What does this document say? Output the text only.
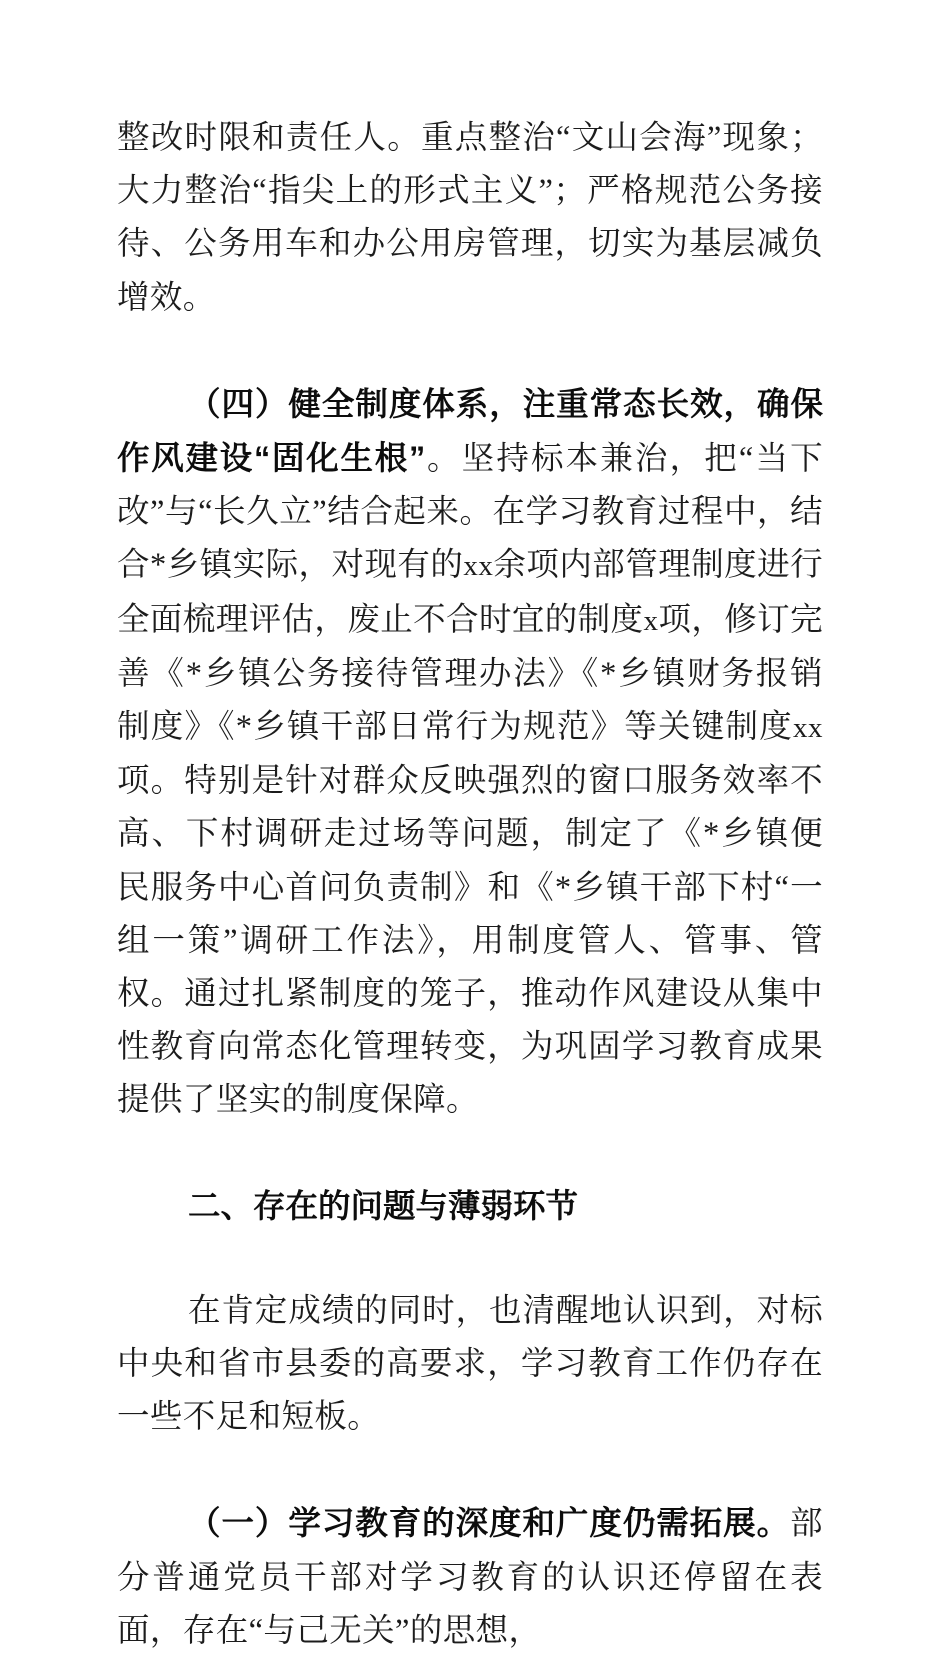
整改时限和责任人。重点整治“文山会海”现象；大力整治“指尖上的形式主义”；严格规范公务接待、公务用车和办公用房管理，切实为基层减负增效。

（四）健全制度体系，注重常态长效，确保作风建设“固化生根”。坚持标本兼治，把“当下改”与“长久立”结合起来。在学习教育过程中，结合*乡镇实际，对现有的xx余项内部管理制度进行全面梳理评估，废止不合时宜的制度x项，修订完善《*乡镇公务接待管理办法》《*乡镇财务报销制度》《*乡镇干部日常行为规范》等关键制度xx项。特别是针对群众反映强烈的窗口服务效率不高、下村调研走过场等问题，制定了《*乡镇便民服务中心首问负责制》和《*乡镇干部下村“一组一策”调研工作法》，用制度管人、管事、管权。通过扎紧制度的笼子，推动作风建设从集中性教育向常态化管理转变，为巩固学习教育成果提供了坚实的制度保障。

二、存在的问题与薄弱环节

在肯定成绩的同时，也清醒地认识到，对标中央和省市县委的高要求，学习教育工作仍存在一些不足和短板。

（一）学习教育的深度和广度仍需拓展。部分普通党员干部对学习教育的认识还停留在表面，存在“与己无关”的思想，
